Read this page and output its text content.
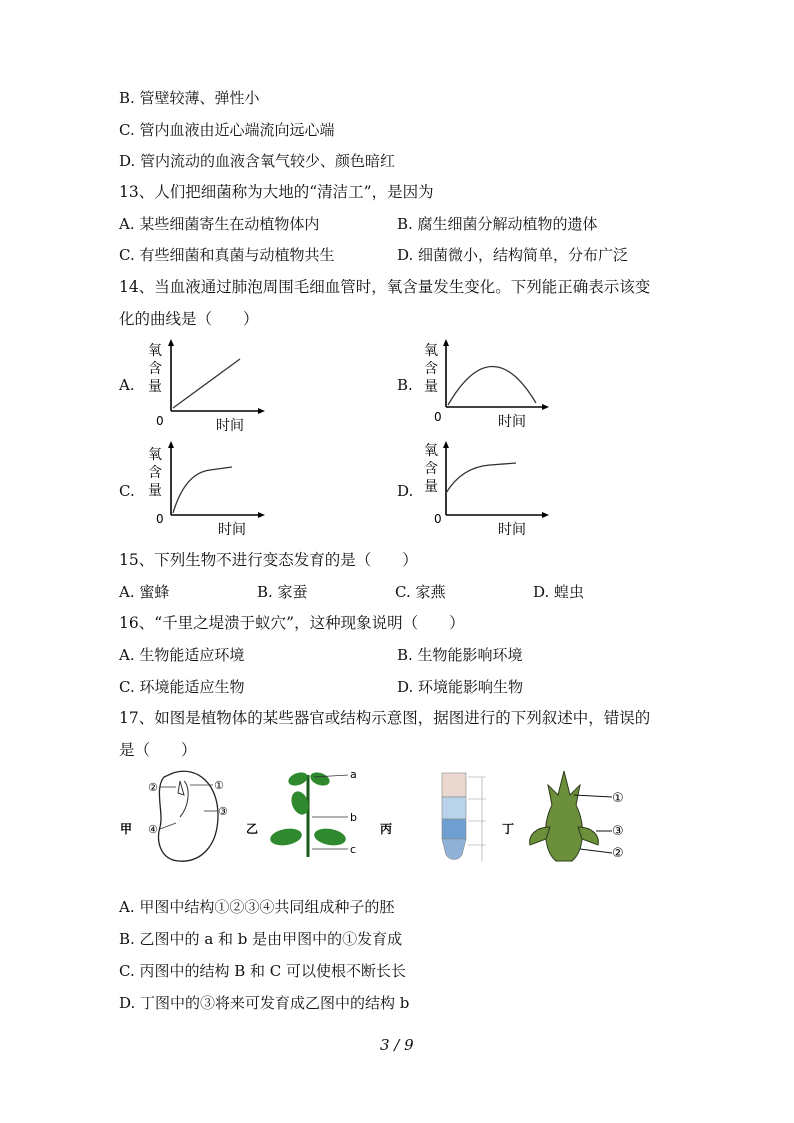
B. 管壁较薄、弹性小
C. 管内血液由近心端流向远心端
D. 管内流动的血液含氧气较少、颜色暗红
13、人们把细菌称为大地的“清洁工”，是因为
A. 某些细菌寄生在动植物体内	B. 腐生细菌分解动植物的遗体
C. 有些细菌和真菌与动植物共生	D. 细菌微小，结构简单，分布广泛
14、当血液通过肺泡周围毛细血管时，氧含量发生变化。下列能正确表示该变
化的曲线是（　　）
A.
氧
含
量
0	时间
B.
氧
含
量
0	时间
C.
氧
含
量
0
时间
D.
氧
含
量
0
时间
15、下列生物不进行变态发育的是（　　）
A. 蜜蜂	B. 家蚕	C. 家燕	D. 蝗虫
16、“千里之堤溃于蚁穴”，这种现象说明（　　）
A. 生物能适应环境	B. 生物能影响环境
C. 环境能适应生物	D. 环境能影响生物
17、如图是植物体的某些器官或结构示意图，据图进行的下列叙述中，错误的
是（　　）
甲
②	①
③
④	乙
a
b
c
丙	丁
①
③
②
A. 甲图中结构①②③④共同组成种子的胚
B. 乙图中的 a 和 b 是由甲图中的①发育成
C. 丙图中的结构 B 和 C 可以使根不断长长
D. 丁图中的③将来可发育成乙图中的结构 b
3 / 9
